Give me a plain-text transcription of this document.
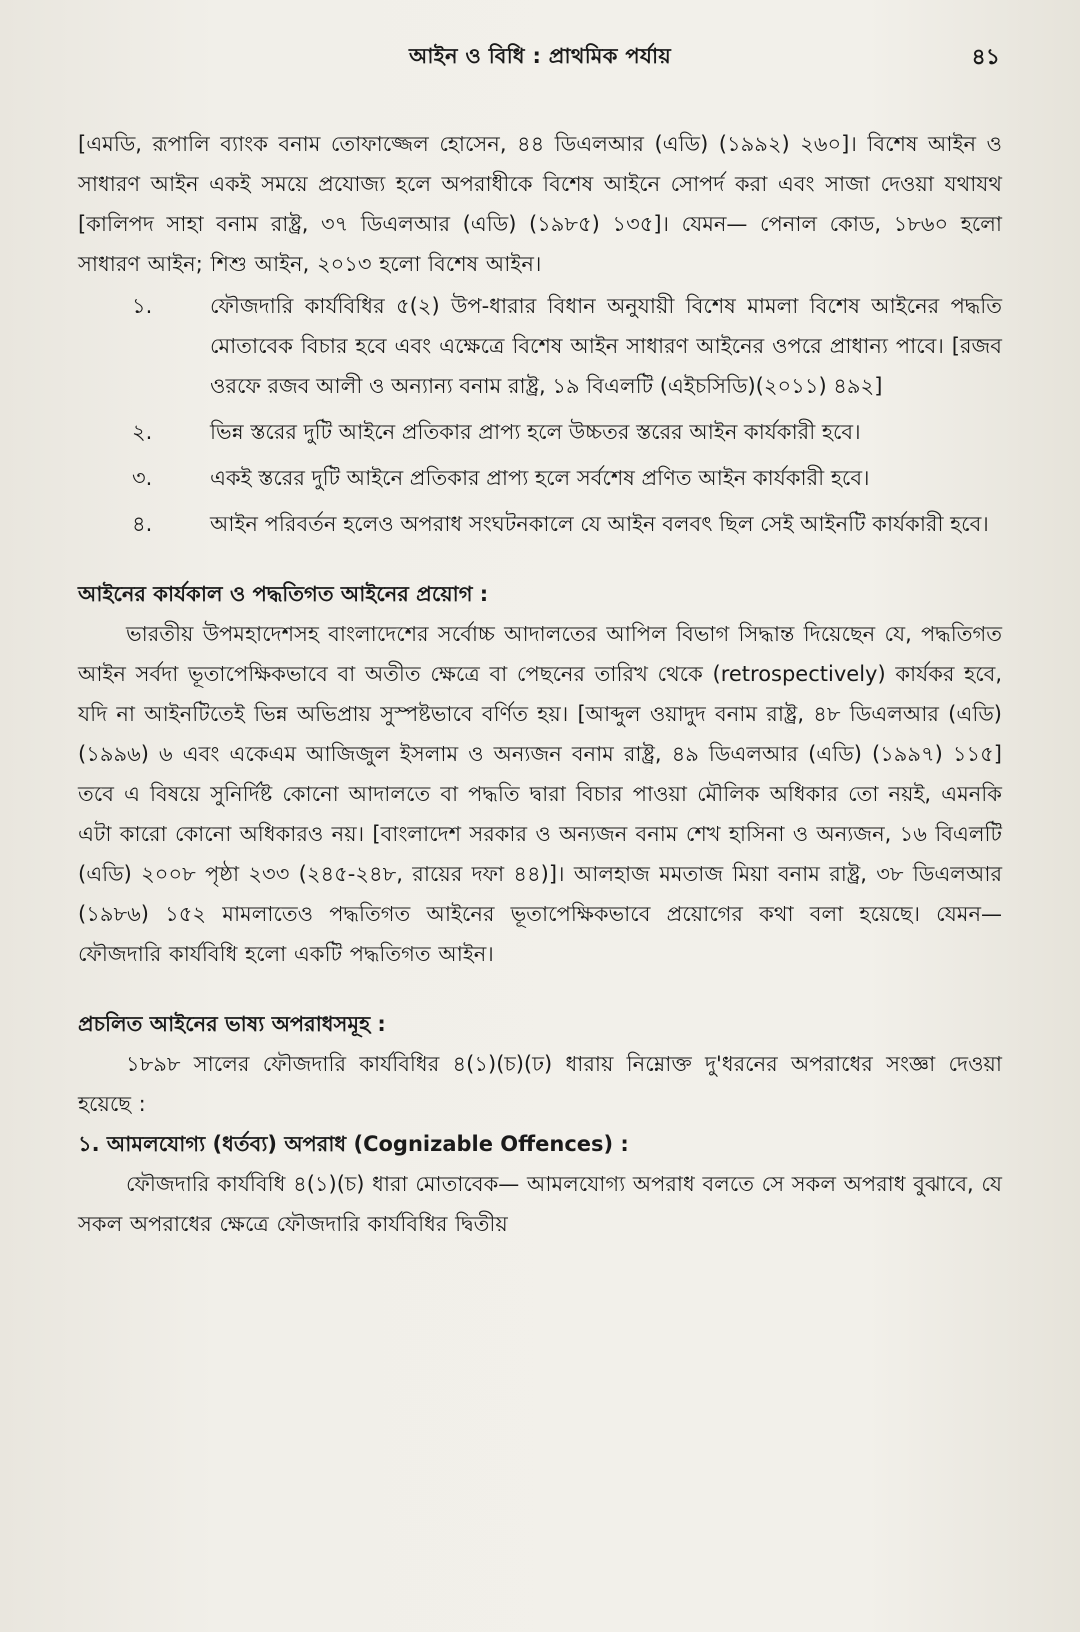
আইন ও বিধি : প্রাথমিক পর্যায়	৪১

[এমডি, রূপালি ব্যাংক বনাম তোফাজ্জেল হোসেন, ৪৪ ডিএলআর (এডি) (১৯৯২) ২৬০]। বিশেষ আইন ও সাধারণ আইন একই সময়ে প্রযোজ্য হলে অপরাধীকে বিশেষ আইনে সোপর্দ করা এবং সাজা দেওয়া যথাযথ [কালিপদ সাহা বনাম রাষ্ট্র, ৩৭ ডিএলআর (এডি) (১৯৮৫) ১৩৫]। যেমন— পেনাল কোড, ১৮৬০ হলো সাধারণ আইন; শিশু আইন, ২০১৩ হলো বিশেষ আইন।

১.	ফৌজদারি কার্যবিধির ৫(২) উপ-ধারার বিধান অনুযায়ী বিশেষ মামলা বিশেষ আইনের পদ্ধতি মোতাবেক বিচার হবে এবং এক্ষেত্রে বিশেষ আইন সাধারণ আইনের ওপরে প্রাধান্য পাবে। [রজব ওরফে রজব আলী ও অন্যান্য বনাম রাষ্ট্র, ১৯ বিএলটি (এইচসিডি)(২০১১) ৪৯২]
২.	ভিন্ন স্তরের দুটি আইনে প্রতিকার প্রাপ্য হলে উচ্চতর স্তরের আইন কার্যকারী হবে।
৩.	একই স্তরের দুটি আইনে প্রতিকার প্রাপ্য হলে সর্বশেষ প্রণিত আইন কার্যকারী হবে।
৪.	আইন পরিবর্তন হলেও অপরাধ সংঘটনকালে যে আইন বলবৎ ছিল সেই আইনটি কার্যকারী হবে।
আইনের কার্যকাল ও পদ্ধতিগত আইনের প্রয়োগ :

ভারতীয় উপমহাদেশসহ বাংলাদেশের সর্বোচ্চ আদালতের আপিল বিভাগ সিদ্ধান্ত দিয়েছেন যে, পদ্ধতিগত আইন সর্বদা ভূতাপেক্ষিকভাবে বা অতীত ক্ষেত্রে বা পেছনের তারিখ থেকে (retrospectively) কার্যকর হবে, যদি না আইনটিতেই ভিন্ন অভিপ্রায় সুস্পষ্টভাবে বর্ণিত হয়। [আব্দুল ওয়াদুদ বনাম রাষ্ট্র, ৪৮ ডিএলআর (এডি) (১৯৯৬) ৬ এবং একেএম আজিজুল ইসলাম ও অন্যজন বনাম রাষ্ট্র, ৪৯ ডিএলআর (এডি) (১৯৯৭) ১১৫] তবে এ বিষয়ে সুনির্দিষ্ট কোনো আদালতে বা পদ্ধতি দ্বারা বিচার পাওয়া মৌলিক অধিকার তো নয়ই, এমনকি এটা কারো কোনো অধিকারও নয়। [বাংলাদেশ সরকার ও অন্যজন বনাম শেখ হাসিনা ও অন্যজন, ১৬ বিএলটি (এডি) ২০০৮ পৃষ্ঠা ২৩৩ (২৪৫-২৪৮, রায়ের দফা ৪৪)]। আলহাজ মমতাজ মিয়া বনাম রাষ্ট্র, ৩৮ ডিএলআর (১৯৮৬) ১৫২ মামলাতেও পদ্ধতিগত আইনের ভূতাপেক্ষিকভাবে প্রয়োগের কথা বলা হয়েছে। যেমন— ফৌজদারি কার্যবিধি হলো একটি পদ্ধতিগত আইন।

প্রচলিত আইনের ভাষ্য অপরাধসমূহ :

১৮৯৮ সালের ফৌজদারি কার্যবিধির ৪(১)(চ)(ঢ) ধারায় নিম্নোক্ত দু'ধরনের অপরাধের সংজ্ঞা দেওয়া হয়েছে :

১. আমলযোগ্য (ধর্তব্য) অপরাধ (Cognizable Offences) :

ফৌজদারি কার্যবিধি ৪(১)(চ) ধারা মোতাবেক— আমলযোগ্য অপরাধ বলতে সে সকল অপরাধ বুঝাবে, যে সকল অপরাধের ক্ষেত্রে ফৌজদারি কার্যবিধির দ্বিতীয়
